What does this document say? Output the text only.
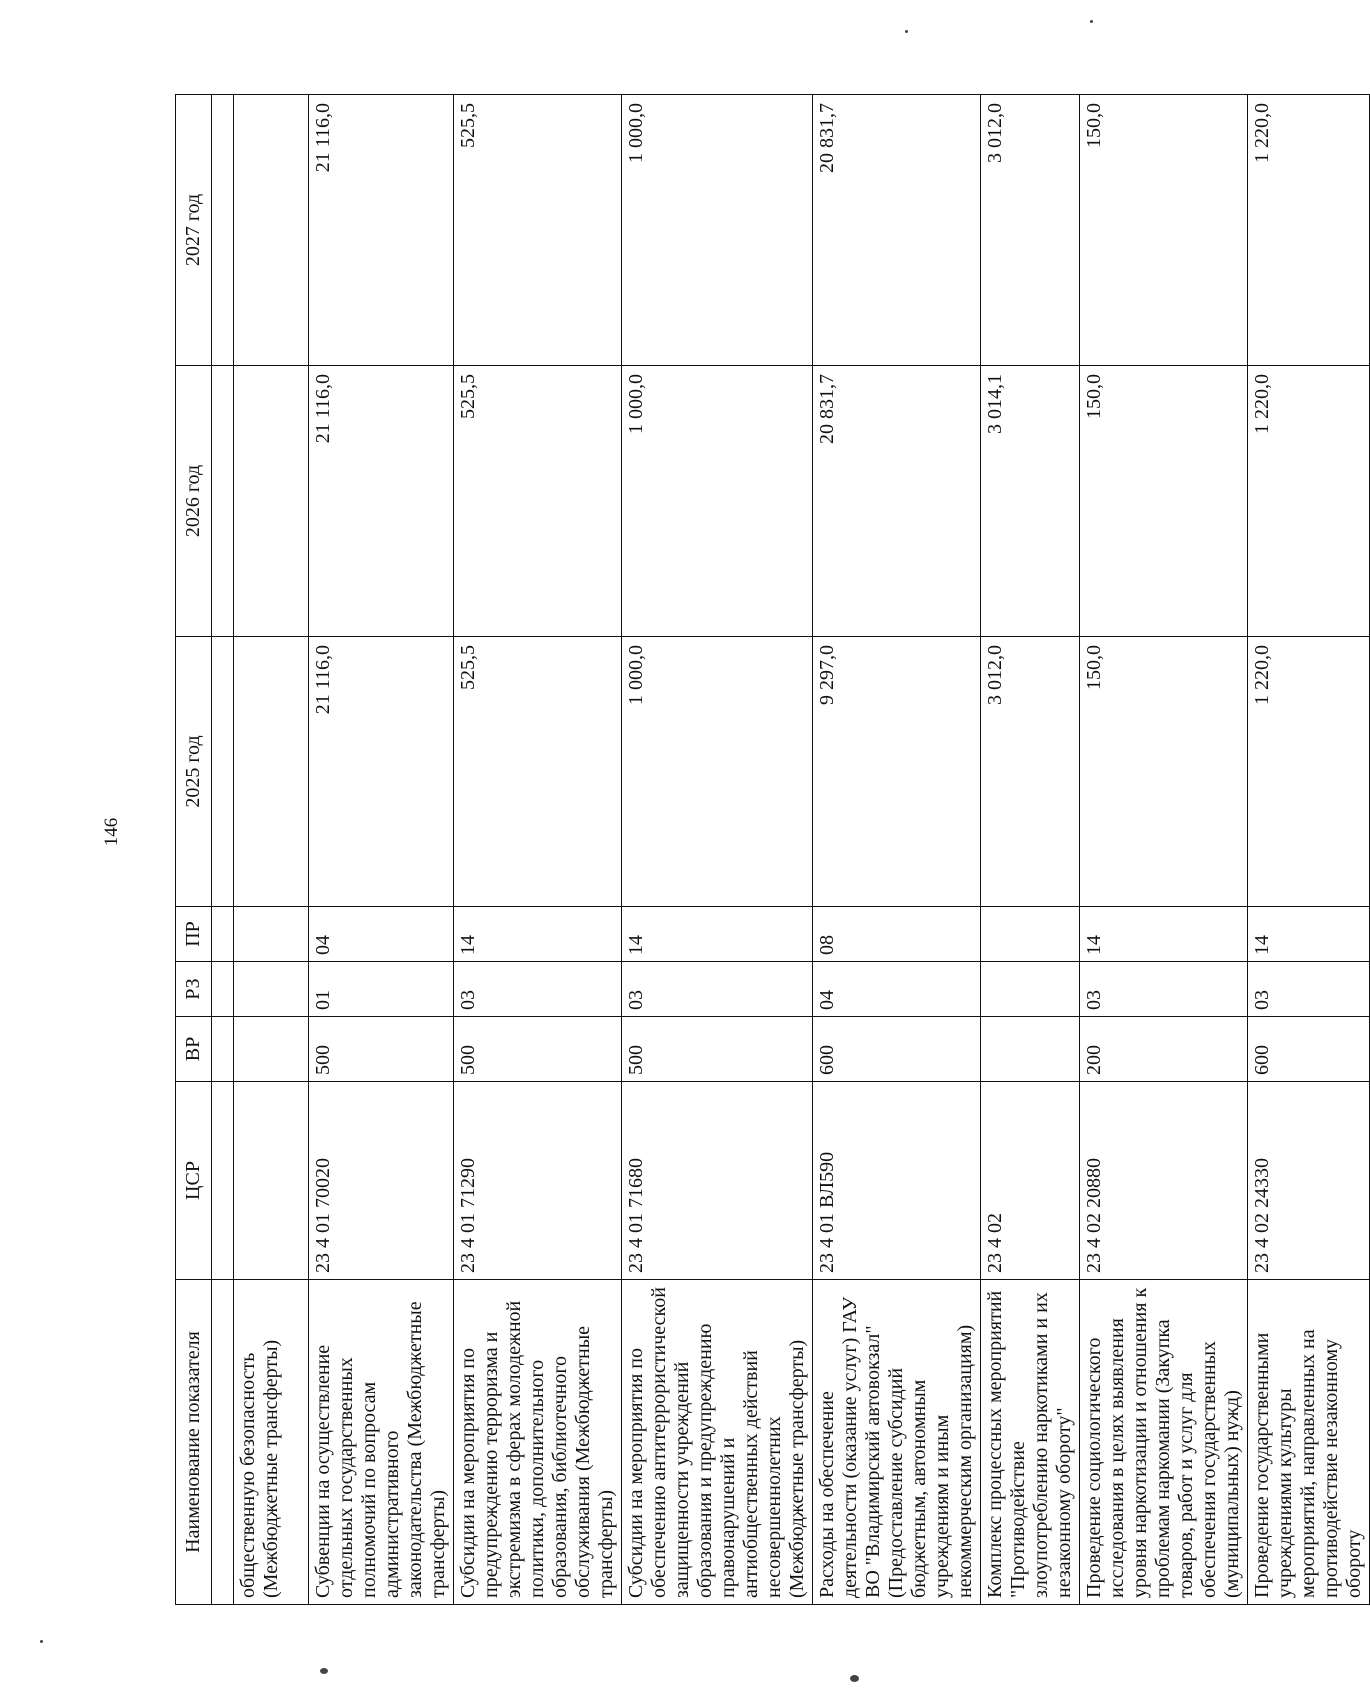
146
Наименование показателя	ЦСР	ВР	РЗ	ПР	2025 год	2026 год	2027 год

общественную безопасность (Межбюджетные трансферты)							
Субвенции на осуществление отдельных государственных полномочий по вопросам административного законодательства (Межбюджетные трансферты)	23 4 01 70020	500	01	04	21 116,0	21 116,0	21 116,0
Субсидии на мероприятия по предупреждению терроризма и экстремизма в сферах молодежной политики, дополнительного образования, библиотечного обслуживания (Межбюджетные трансферты)	23 4 01 71290	500	03	14	525,5	525,5	525,5
Субсидии на мероприятия по обеспечению антитеррористической защищенности учреждений образования и предупреждению правонарушений и антиобщественных действий несовершеннолетних (Межбюджетные трансферты)	23 4 01 71680	500	03	14	1 000,0	1 000,0	1 000,0
Расходы на обеспечение деятельности (оказание услуг) ГАУ ВО "Владимирский автовокзал" (Предоставление субсидий бюджетным, автономным учреждениям и иным некоммерческим организациям)	23 4 01 ВЛ590	600	04	08	9 297,0	20 831,7	20 831,7
Комплекс процессных мероприятий "Противодействие злоупотреблению наркотиками и их незаконному обороту"	23 4 02				3 012,0	3 014,1	3 012,0
Проведение социологического исследования в целях выявления уровня наркотизации и отношения к проблемам наркомании (Закупка товаров, работ и услуг для обеспечения государственных (муниципальных) нужд)	23 4 02 20880	200	03	14	150,0	150,0	150,0
Проведение государственными учреждениями культуры мероприятий, направленных на противодействие незаконному обороту	23 4 02 24330	600	03	14	1 220,0	1 220,0	1 220,0
